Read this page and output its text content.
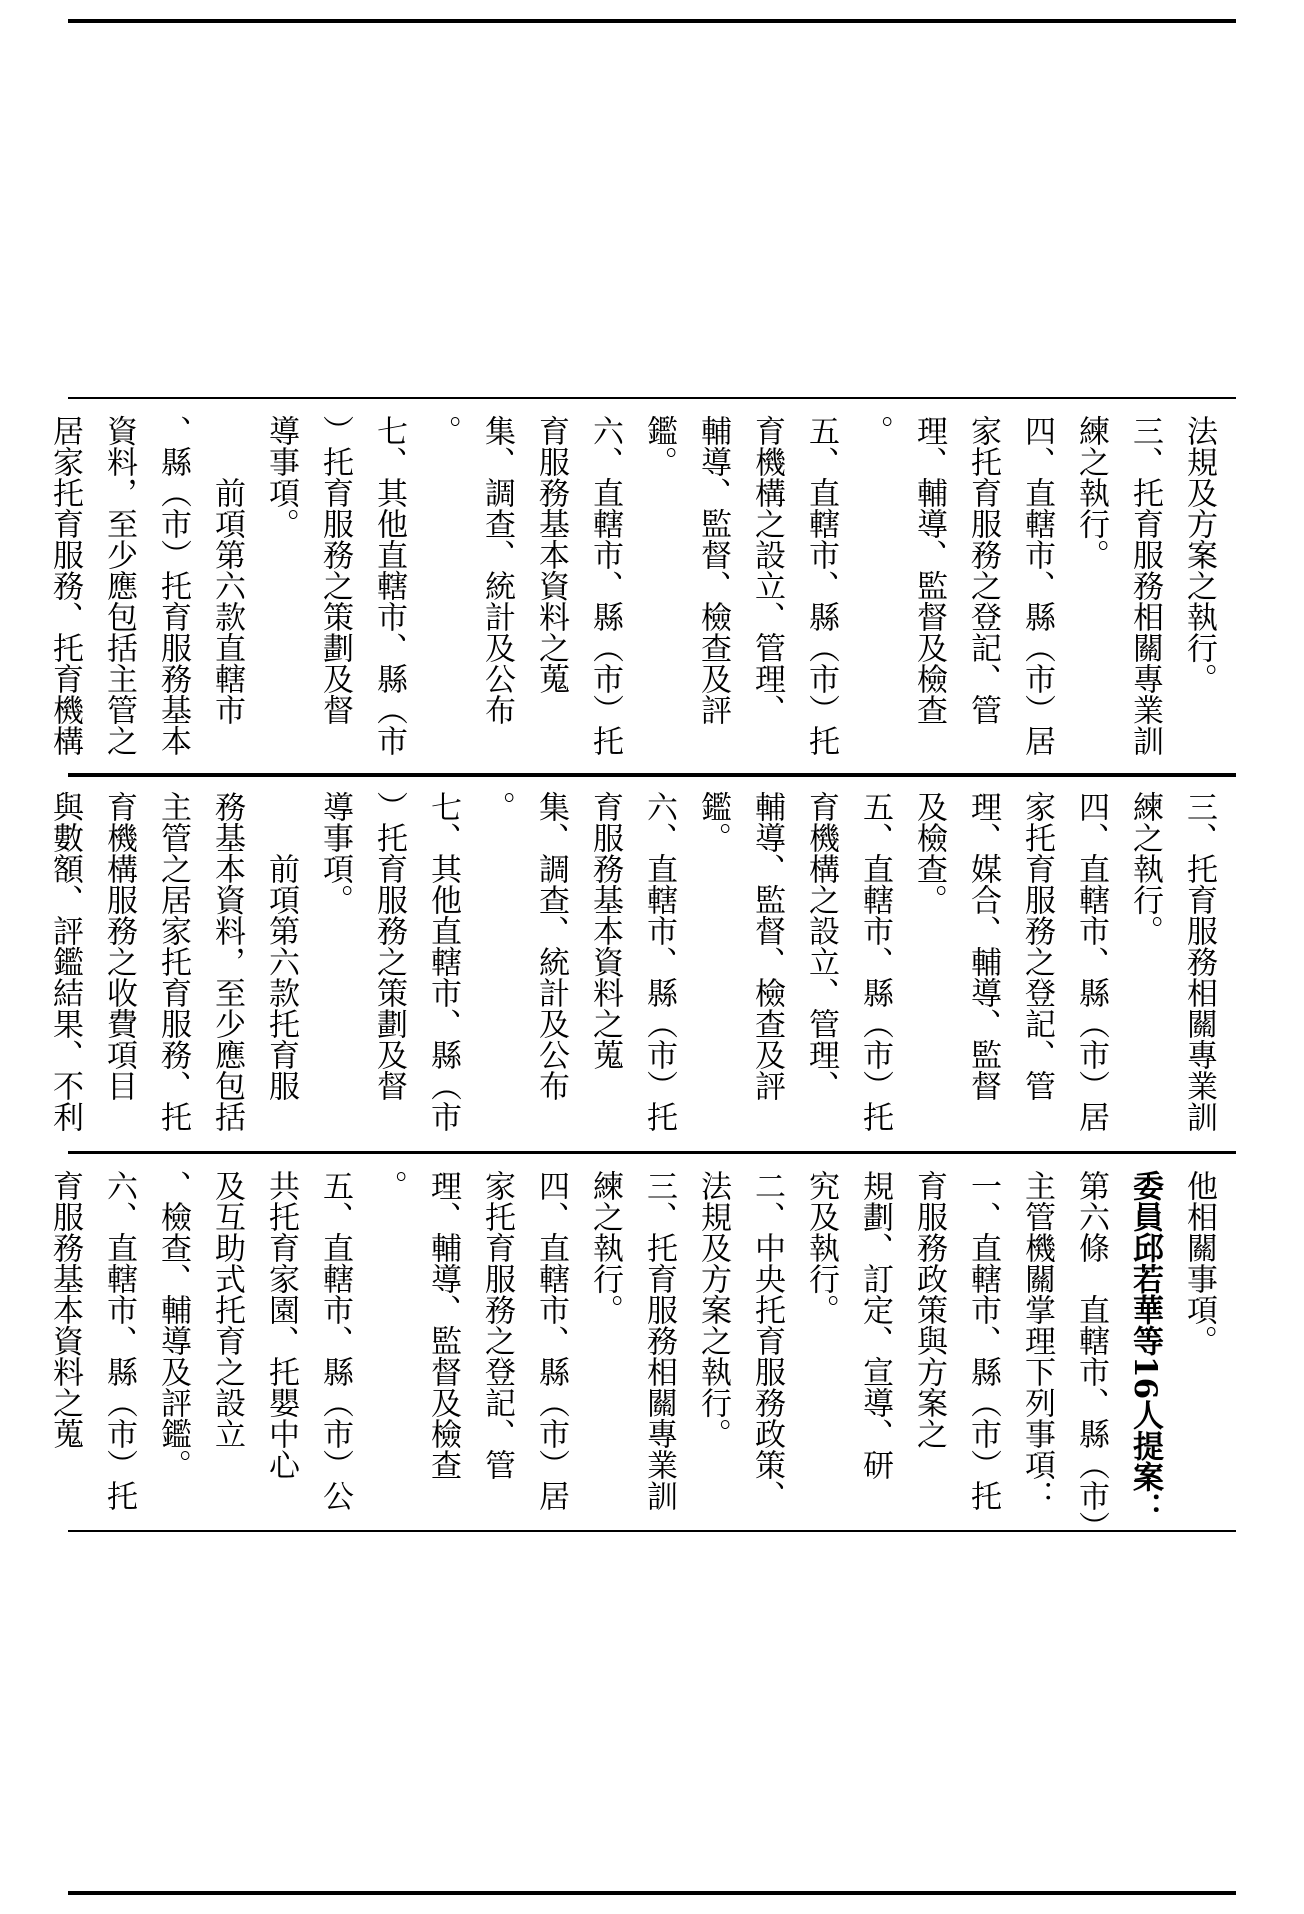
他相關事項。
委員邱若華等16人提案：
第六條　直轄市、縣（市）
主管機關掌理下列事項：
一、直轄市、縣（市）托
育服務政策與方案之
規劃、訂定、宣導、研
究及執行。
二、中央托育服務政策、
法規及方案之執行。
三、托育服務相關專業訓
練之執行。
四、直轄市、縣（市）居
家托育服務之登記、管
理、輔導、監督及檢查
。
五、直轄市、縣（市）公
共托育家園、托嬰中心
及互助式托育之設立
、檢查、輔導及評鑑。
六、直轄市、縣（市）托
育服務基本資料之蒐
三、托育服務相關專業訓
練之執行。
四、直轄市、縣（市）居
家托育服務之登記、管
理、媒合、輔導、監督
及檢查。
五、直轄市、縣（市）托
育機構之設立、管理、
輔導、監督、檢查及評
鑑。
六、直轄市、縣（市）托
育服務基本資料之蒐
集、調查、統計及公布
。
七、其他直轄市、縣（市
）托育服務之策劃及督
導事項。
　　前項第六款托育服
務基本資料，至少應包括
主管之居家托育服務、托
育機構服務之收費項目
與數額、評鑑結果、不利
法規及方案之執行。
三、托育服務相關專業訓
練之執行。
四、直轄市、縣（市）居
家托育服務之登記、管
理、輔導、監督及檢查
。
五、直轄市、縣（市）托
育機構之設立、管理、
輔導、監督、檢查及評
鑑。
六、直轄市、縣（市）托
育服務基本資料之蒐
集、調查、統計及公布
。
七、其他直轄市、縣（市
）托育服務之策劃及督
導事項。
　　前項第六款直轄市
、縣（市）托育服務基本
資料，至少應包括主管之
居家托育服務、托育機構
